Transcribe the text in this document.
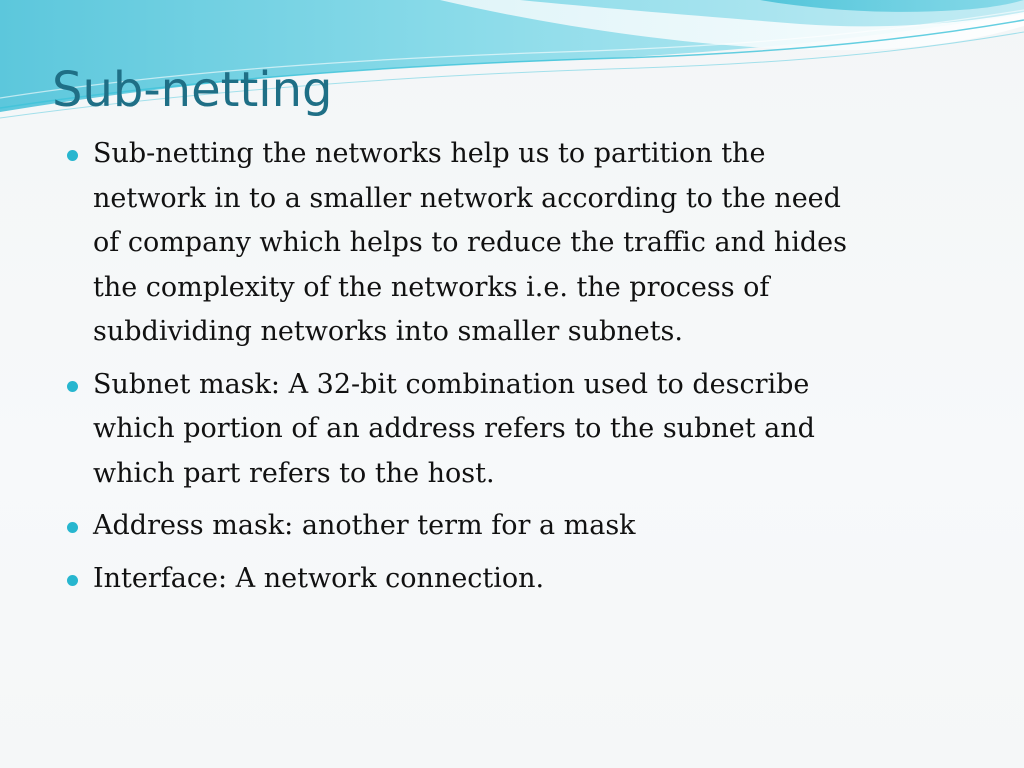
Sub-netting
Sub-netting the networks help us to partition the
network in to a smaller network according to the need
of company which helps to reduce the traffic and hides
the complexity of the networks i.e. the process of
subdividing networks into smaller subnets.
Subnet mask: A 32-bit combination used to describe
which portion of an address refers to the subnet and
which part refers to the host.
Address mask: another term for a mask
Interface: A network connection.
